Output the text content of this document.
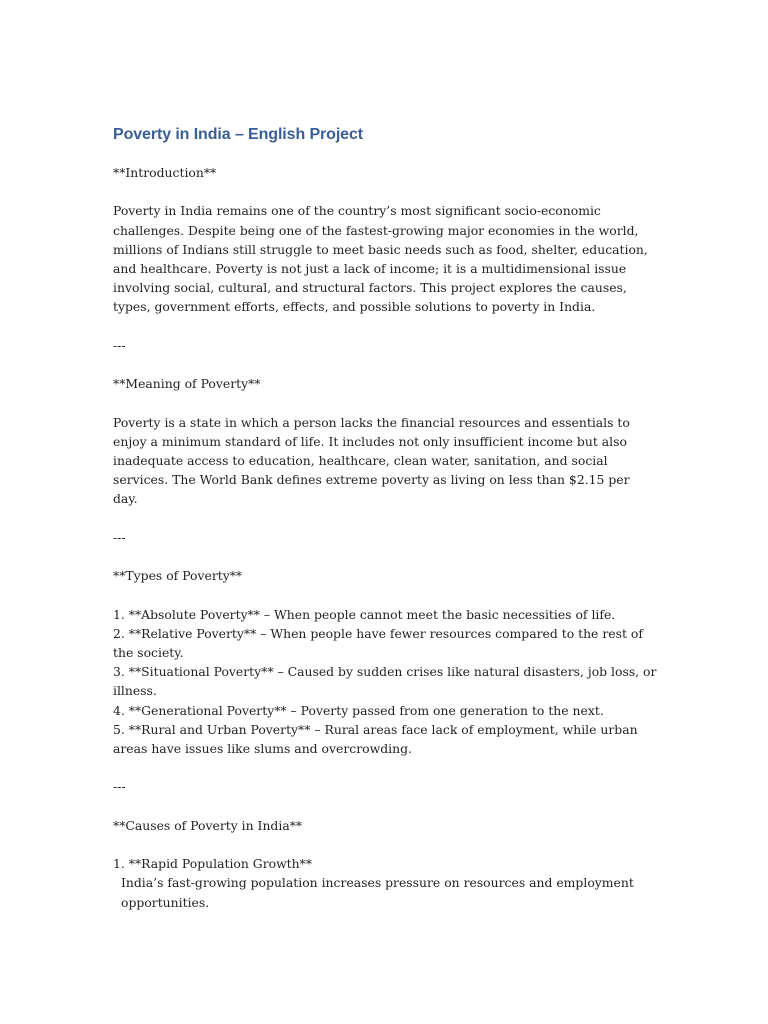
Poverty in India – English Project

**Introduction**

Poverty in India remains one of the country’s most significant socio-economic challenges. Despite being one of the fastest-growing major economies in the world, millions of Indians still struggle to meet basic needs such as food, shelter, education, and healthcare. Poverty is not just a lack of income; it is a multidimensional issue involving social, cultural, and structural factors. This project explores the causes, types, government efforts, effects, and possible solutions to poverty in India.

---

**Meaning of Poverty**

Poverty is a state in which a person lacks the financial resources and essentials to enjoy a minimum standard of life. It includes not only insufficient income but also inadequate access to education, healthcare, clean water, sanitation, and social services. The World Bank defines extreme poverty as living on less than $2.15 per day.

---

**Types of Poverty**

1. **Absolute Poverty** – When people cannot meet the basic necessities of life.

2. **Relative Poverty** – When people have fewer resources compared to the rest of the society.

3. **Situational Poverty** – Caused by sudden crises like natural disasters, job loss, or illness.

4. **Generational Poverty** – Poverty passed from one generation to the next.

5. **Rural and Urban Poverty** – Rural areas face lack of employment, while urban areas have issues like slums and overcrowding.

---

**Causes of Poverty in India**

1. **Rapid Population Growth**

India’s fast-growing population increases pressure on resources and employment opportunities.
